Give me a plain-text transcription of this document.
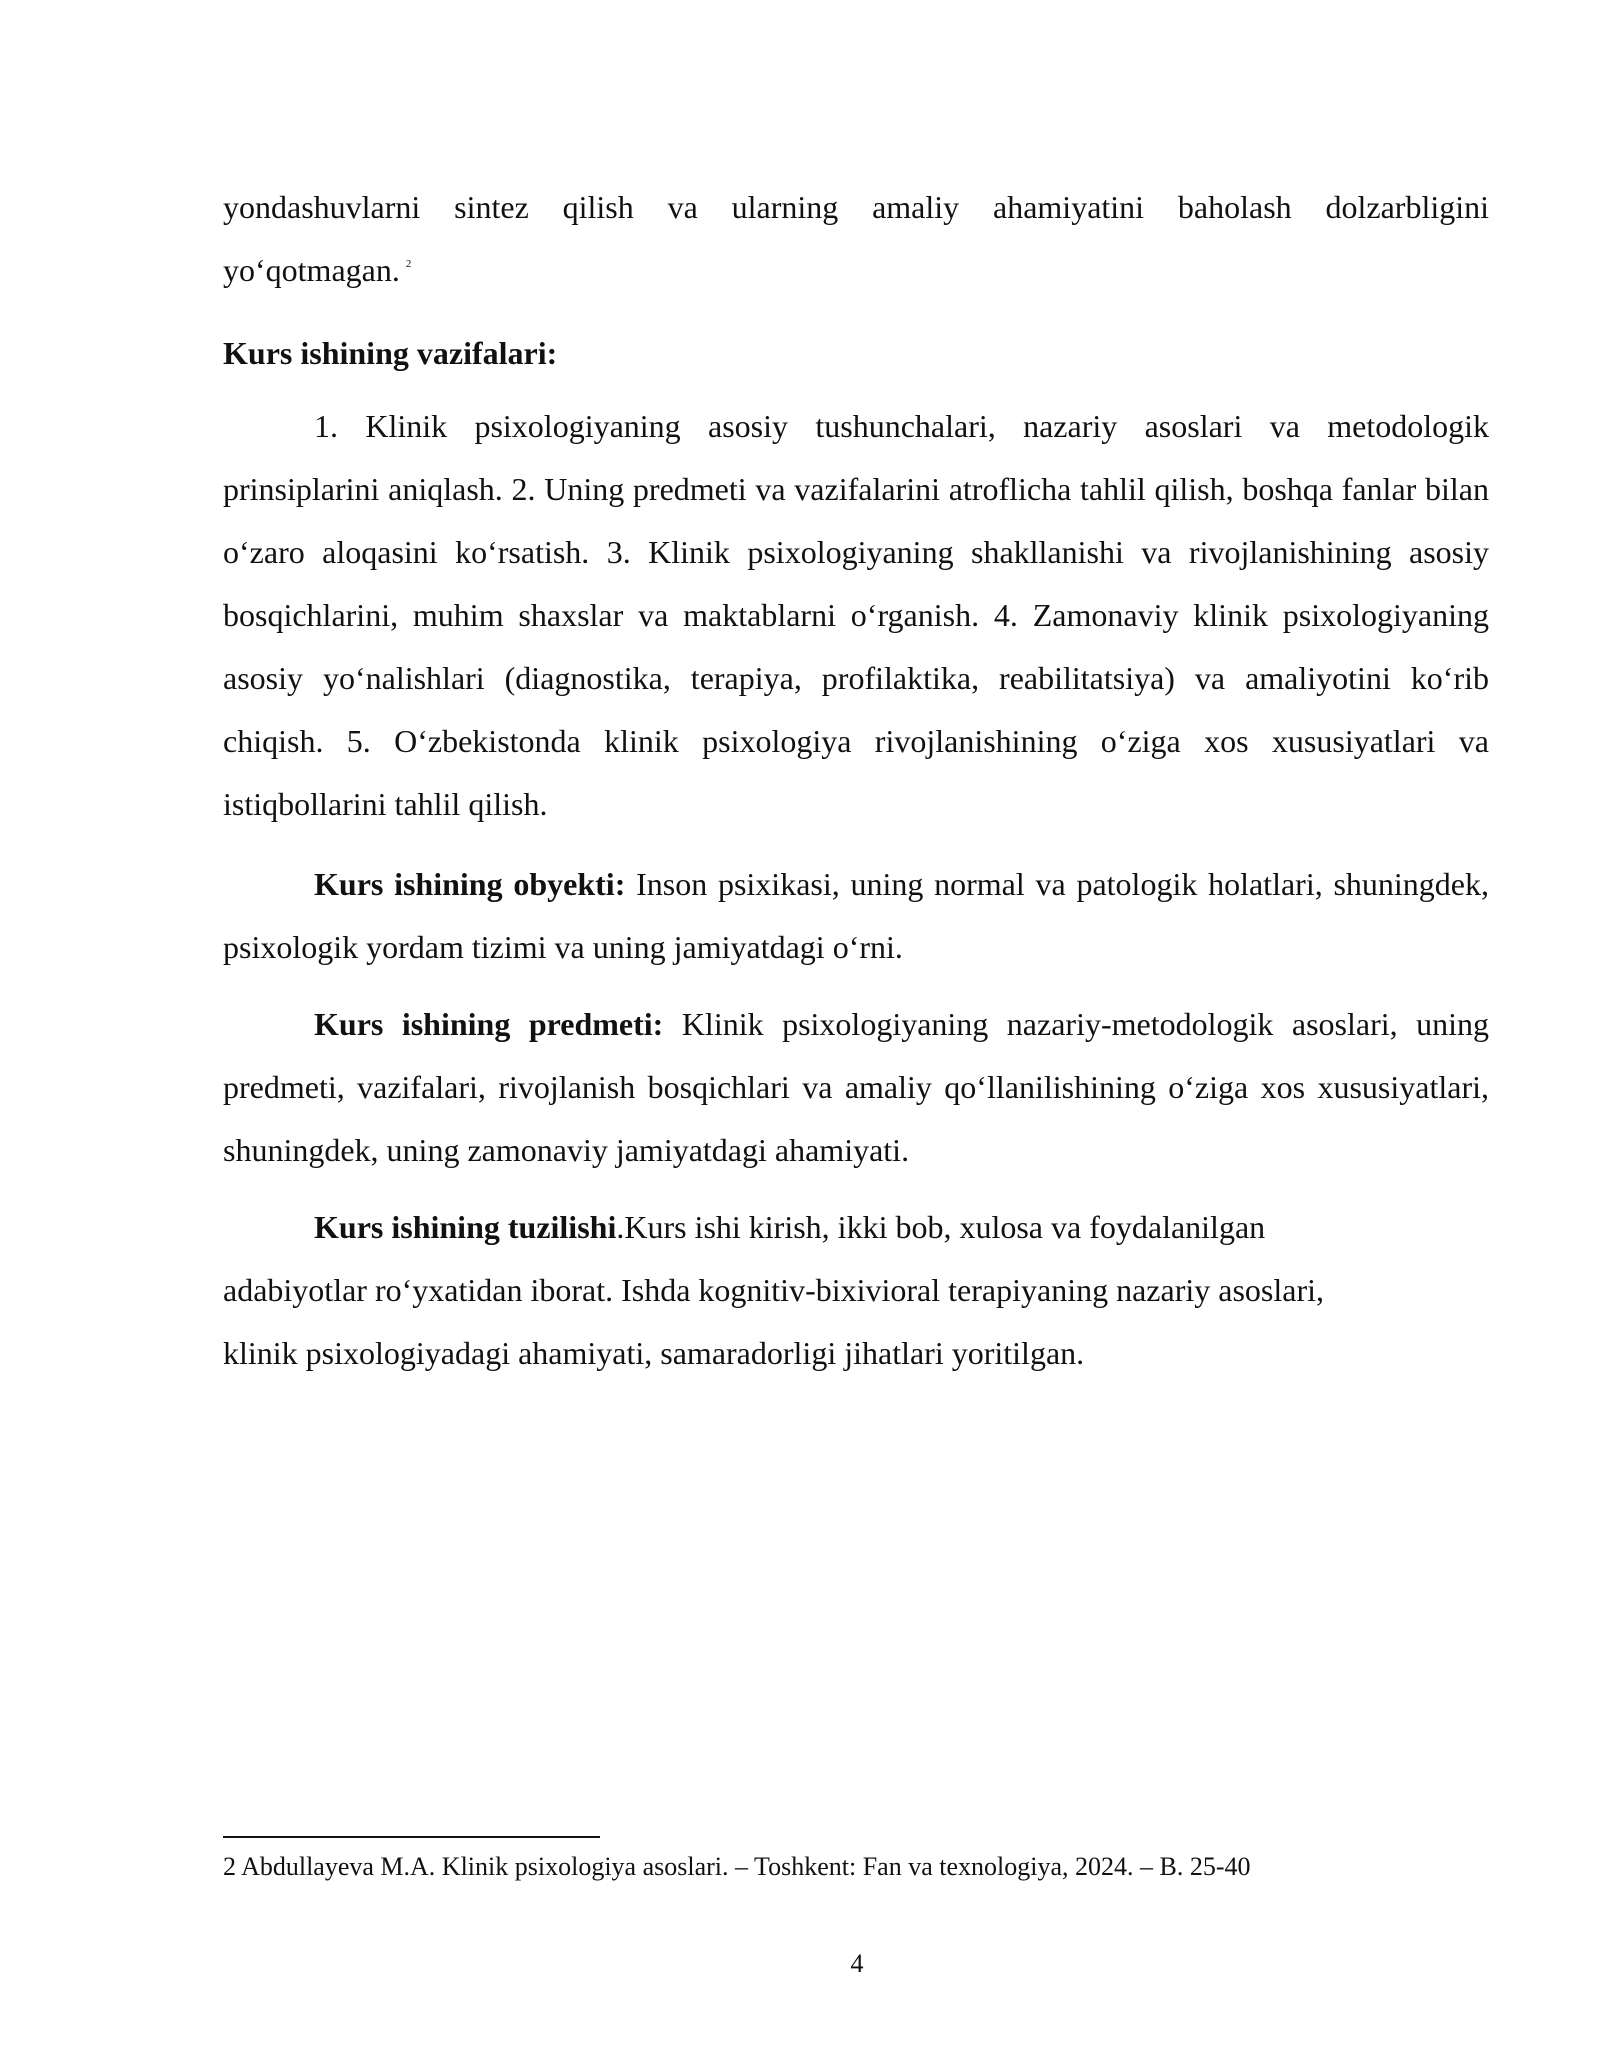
yondashuvlarni sintez qilish va ularning amaliy ahamiyatini baholash dolzarbligini

yo‘qotmagan. $^2$

Kurs ishining vazifalari:

1. Klinik psixologiyaning asosiy tushunchalari, nazariy asoslari va metodologik prinsiplarini aniqlash. 2. Uning predmeti va vazifalarini atroflicha tahlil qilish, boshqa fanlar bilan o‘zaro aloqasini ko‘rsatish. 3. Klinik psixologiyaning shakllanishi va rivojlanishining asosiy bosqichlarini, muhim shaxslar va maktablarni o‘rganish. 4. Zamonaviy klinik psixologiyaning asosiy yo‘nalishlari (diagnostika, terapiya, profilaktika, reabilitatsiya) va amaliyotini ko‘rib chiqish. 5. O‘zbekistonda klinik psixologiya rivojlanishining o‘ziga xos xususiyatlari va istiqbollarini tahlil qilish.

Kurs ishining obyekti: Inson psixikasi, uning normal va patologik holatlari, shuningdek, psixologik yordam tizimi va uning jamiyatdagi o‘rni.

Kurs ishining predmeti: Klinik psixologiyaning nazariy-metodologik asoslari, uning predmeti, vazifalari, rivojlanish bosqichlari va amaliy qo‘llanilishining o‘ziga xos xususiyatlari, shuningdek, uning zamonaviy jamiyatdagi ahamiyati.

Kurs ishining tuzilishi.Kurs ishi kirish, ikki bob, xulosa va foydalanilgan

adabiyotlar ro‘yxatidan iborat. Ishda kognitiv-bixivioral terapiyaning nazariy asoslari,

klinik psixologiyadagi ahamiyati, samaradorligi jihatlari yoritilgan.

2 Abdullayeva M.A. Klinik psixologiya asoslari. – Toshkent: Fan va texnologiya, 2024. – B. 25-40

4
